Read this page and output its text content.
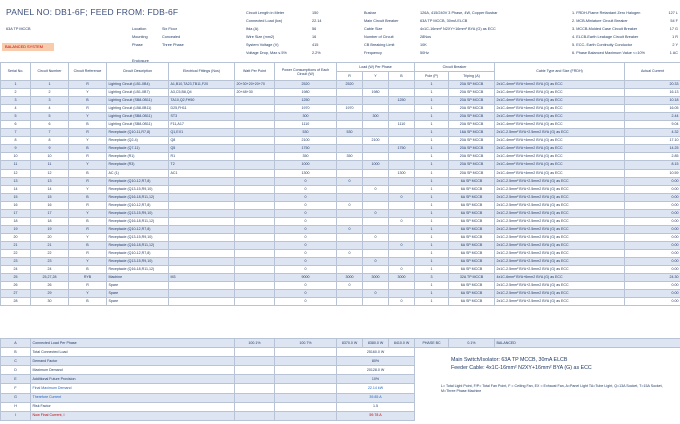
PANEL NO: DB1-6F; FEED FROM: FDB-6F
63A TP MCCB
BALANCED SYSTEM
Location	Six Floor
Mounting	Concealed
Phase	Three Phase
Enclosure
Circuit Length in Meter	150
Connected Load (kw)	22.14
Ifda (A)	56
Wire Size (mm2)	16
System Voltage (V)	415
Voltage Drop, Max ≤ 5%	2.2%
Busbar	126A, 415/240V 3 Phase, 4W, Copper Busbar
Main Circuit Breaker	63A TP MCCB, 30mA ELCB
Cable Size	4x1C-16mm² N2XY+16mm² BYA (G) as ECC
Number of Circuit	28Nos
CB Breaking Limit	10K
Frequency	50Hz
1. FRDH-Flame Retardant Zero Halogen	127 L
2. MCB-Miniature Circuit Breaker	54 F
3. MCCB-Molded Case Circuit Breaker	17 G
4. ELCB-Earth Leakage Circuit Breaker	1 R
5. ECC- Earth Continuity Conductor	2 Y
6. Phase Balanced Maximum Value <=10%	1 AC
Serial No.	Circuit Number	Circuit Reference	Circuit Description	Electrical Fittings (Nos)	Watt Per Point	Power Consumptions of Each Circuit (W)	Load (W) Per Phase			Circuit Breaker		Cable Type and Size (FRDH)	Actual Current
							R	Y	B	Pole (P)	Triping (A)		
1	1	R	Lighting Circuit (LB1-0B4)	A1,B10,TA23,TB11,F20	20+30+20+20+70	2520	2520			1	20A SP MCCB	2x1C-4mm² BYA+4mm2 BYA (G) as ECC	20.33
2	2	Y	Lighting Circuit (LB1-0B7)	A3,C5,B8,Q4	20+48+30	1980		1980		1	20A SP MCCB	2x1C-4mm² BYA+4mm2 BYA (G) as ECC	16.13
3	3	B	Lighting Circuit (SB8-0B11)	TA10,Q2,FH50		1250			1250	1	20A SP MCCB	2x1C-4mm² BYA+4mm2 BYA (G) as ECC	10.18
4	4	R	Lighting Circuit (LB8-0B11)	D25,FH11		1970	1970			1	20A SP MCCB	2x1C-4mm² BYA+4mm2 BYA (G) as ECC	16.05
5	5	Y	Lighting Circuit (SB8-0B11)	ST3		300		300		1	20A SP MCCB	2x1C-4mm² BYA+4mm2 BYA (G) as ECC	2.44
6	6	B	Lighting Circuit (SB8-0B11)	F11,A17		1110			1110	1	20A SP MCCB	2x1C-4mm² BYA+4mm2 BYA (G) as ECC	9.04
7	7	R	Receptacle (Q10-11,R7,8)	Q1,EX1		530	530			1	16A SP MCCB	2x1C-2.5mm² BYA+2.5mm2 BYA (G) as ECC	4.32
8	8	Y	Receptacle (Q2-4)	Q8		2100		2100		1	20A SP MCCB	2x1C-4mm² BYA+4mm2 BYA (G) as ECC	17.10
9	9	B	Receptacle (Q7-11)	Q5		1750			1750	1	20A SP MCCB	2x1C-4mm² BYA+4mm2 BYA (G) as ECC	14.25
10	10	R	Receptacle (R1)	R1		350	350			1	20A SP MCCB	2x1C-4mm² BYA+4mm2 BYA (G) as ECC	2.85
11	11	Y	Receptacle (R3)	T2		1000		1000		1	20A SP MCCB	2x1C-4mm² BYA+4mm2 BYA (G) as ECC	8.15
12	12	B	AC (1)	AC1		1300			1300	1	20A SP MCCB	2x1C-4mm² BYA+4mm2 BYA (G) as ECC	10.59
13	13	R	Receptacle (Q10-12,R7,8)			0	0			1	6A SP MCCB	2x1C-2.5mm² BYA+2.5mm2 BYA (G) as ECC	0.00
14	14	Y	Receptacle (Q13-15,R9,10)			0		0		1	6A SP MCCB	2x1C-2.5mm² BYA+2.5mm2 BYA (G) as ECC	0.00
15	15	B	Receptacle (Q16-18,R11,12)			0			0	1	6A SP MCCB	2x1C-2.5mm² BYA+2.5mm2 BYA (G) as ECC	0.00
16	16	R	Receptacle (Q10-12,R7,8)			0	0			1	6A SP MCCB	2x1C-2.5mm² BYA+2.5mm2 BYA (G) as ECC	0.00
17	17	Y	Receptacle (Q13-15,R9,10)			0		0		1	6A SP MCCB	2x1C-2.5mm² BYA+2.5mm2 BYA (G) as ECC	0.00
18	18	B	Receptacle (Q16-18,R11,12)			0			0	1	6A SP MCCB	2x1C-2.5mm² BYA+2.5mm2 BYA (G) as ECC	0.00
19	19	R	Receptacle (Q10-12,R7,8)			0	0			1	6A SP MCCB	2x1C-2.5mm² BYA+2.5mm2 BYA (G) as ECC	0.00
20	20	Y	Receptacle (Q13-15,R9,10)			0		0		1	6A SP MCCB	2x1C-2.5mm² BYA+2.5mm2 BYA (G) as ECC	0.00
21	21	B	Receptacle (Q16-18,R11,12)			0			0	1	6A SP MCCB	2x1C-2.5mm² BYA+2.5mm2 BYA (G) as ECC	0.00
22	22	R	Receptacle (Q10-12,R7,8)			0	0			1	6A SP MCCB	2x1C-2.5mm² BYA+2.5mm2 BYA (G) as ECC	0.00
23	23	Y	Receptacle (Q13-15,R9,10)			0		0		1	6A SP MCCB	2x1C-2.5mm² BYA+2.5mm2 BYA (G) as ECC	0.00
24	24	B	Receptacle (Q16-18,R11,12)			0			0	1	6A SP MCCB	2x1C-2.5mm² BYA+2.5mm2 BYA (G) as ECC	0.00
25	25,27,28	RYB	Machine	M3		9000	3000	3000	3000	3	32A TP MCCB	4x1C-6mm² BYA+6mm2 BYA (G) as ECC	24.30
26	26	R	Spare			0	0			1	6A SP MCCB	2x1C-2.5mm² BYA+2.5mm2 BYA (G) as ECC	0.00
27	29	Y	Spare			0		0		1	6A SP MCCB	2x1C-2.5mm² BYA+2.5mm2 BYA (G) as ECC	0.00
28	30	B	Spare			0			0	1	6A SP MCCB	2x1C-2.5mm² BYA+2.5mm2 BYA (G) as ECC	0.00
A	Connected Load Per Phase	100.1%	100.7%	8370.0 W	8380.0 W	8410.0 W	PHASE BC	0.1%	BALANCED
B	Total Connected Load			25160.0 W					
C	Demand Factor			80%					
D	Maximum Demand			20128.0 W					
E	Additional Future Provision			10%					
F	Final Maximum Demand			22.14 kW					
G	Therefore Current			39.85 A					
H	Risk Factor			1.5					
I	Now Final Current, I			59.78 A					
Main Switch/Isolator: 63A TP MCCB, 30mA ELCB
Feeder Cable: 4x1C-16mm² N2XY+16mm² BYA (G) as ECC
L= Total Light Point, F/P= Total Fan Point, F = Ceiling Fan, EX = Exhaust Fan, A=Panel Light TA=Tube Light, Q=13A Socket, T=15A Socket, M=Three Phase Machine
